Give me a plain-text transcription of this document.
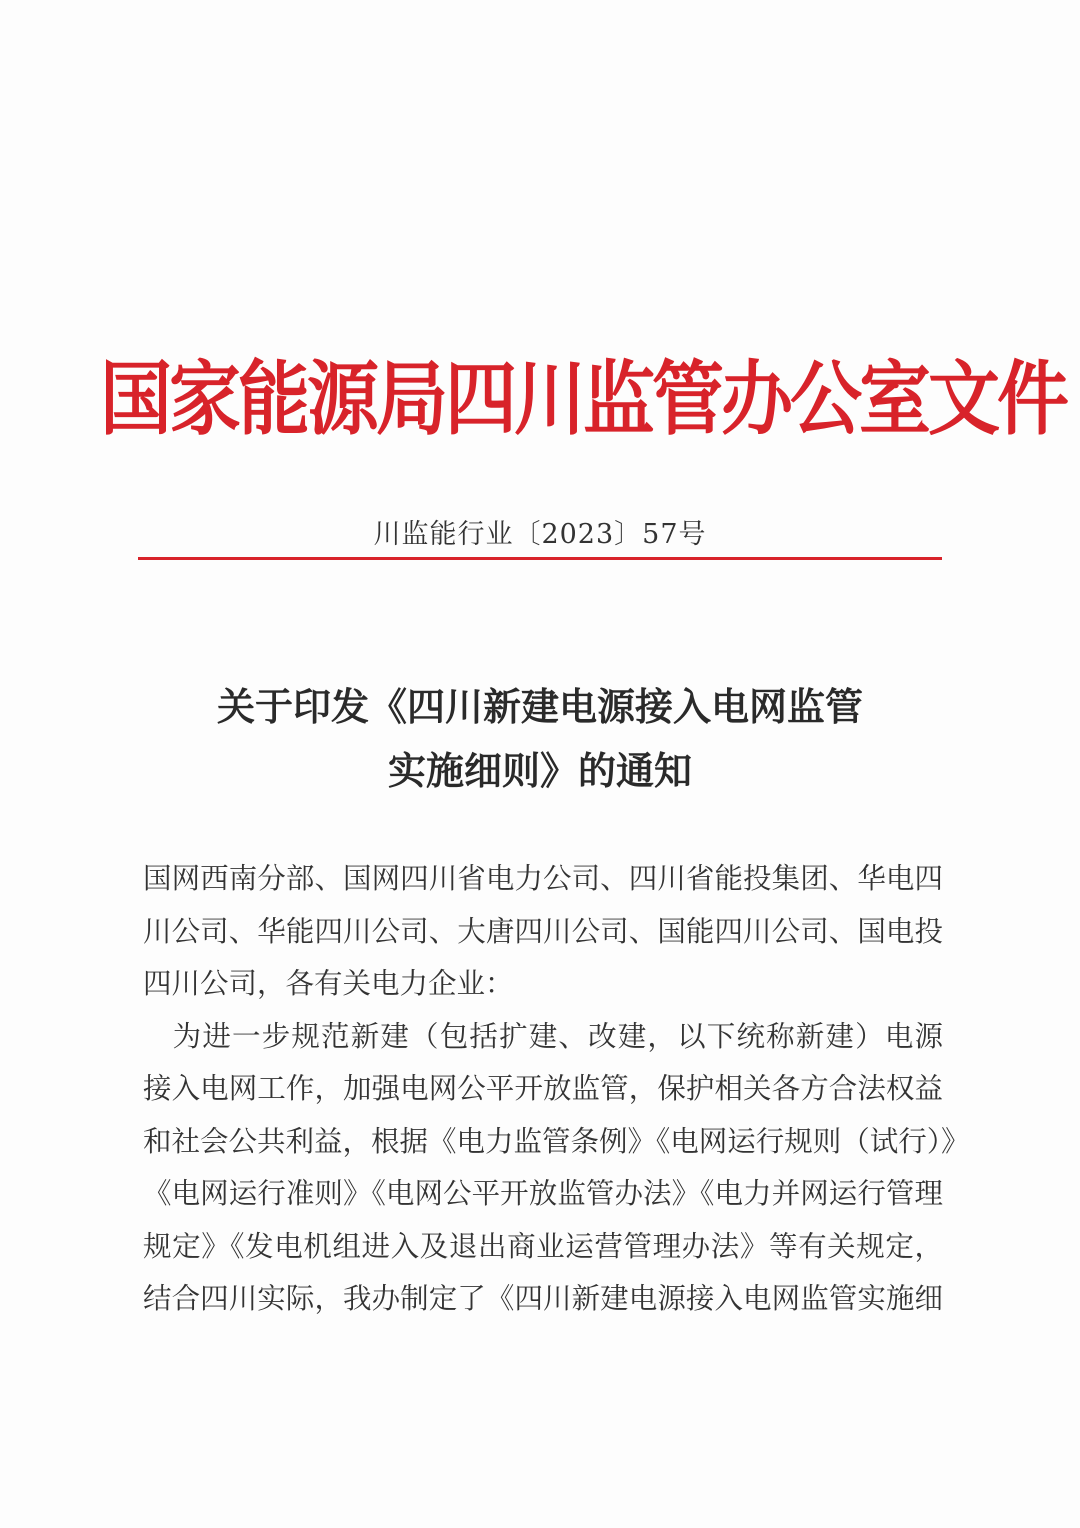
国家能源局四川监管办公室文件
川监能行业〔2023〕57号
关于印发《四川新建电源接入电网监管
实施细则》的通知
国网西南分部、国网四川省电力公司、四川省能投集团、华电四
川公司、华能四川公司、大唐四川公司、国能四川公司、国电投
四川公司，各有关电力企业：
　为进一步规范新建（包括扩建、改建，以下统称新建）电源
接入电网工作，加强电网公平开放监管，保护相关各方合法权益
和社会公共利益，根据《电力监管条例》《电网运行规则（试行）》
《电网运行准则》《电网公平开放监管办法》《电力并网运行管理
规定》《发电机组进入及退出商业运营管理办法》等有关规定，
结合四川实际，我办制定了《四川新建电源接入电网监管实施细
